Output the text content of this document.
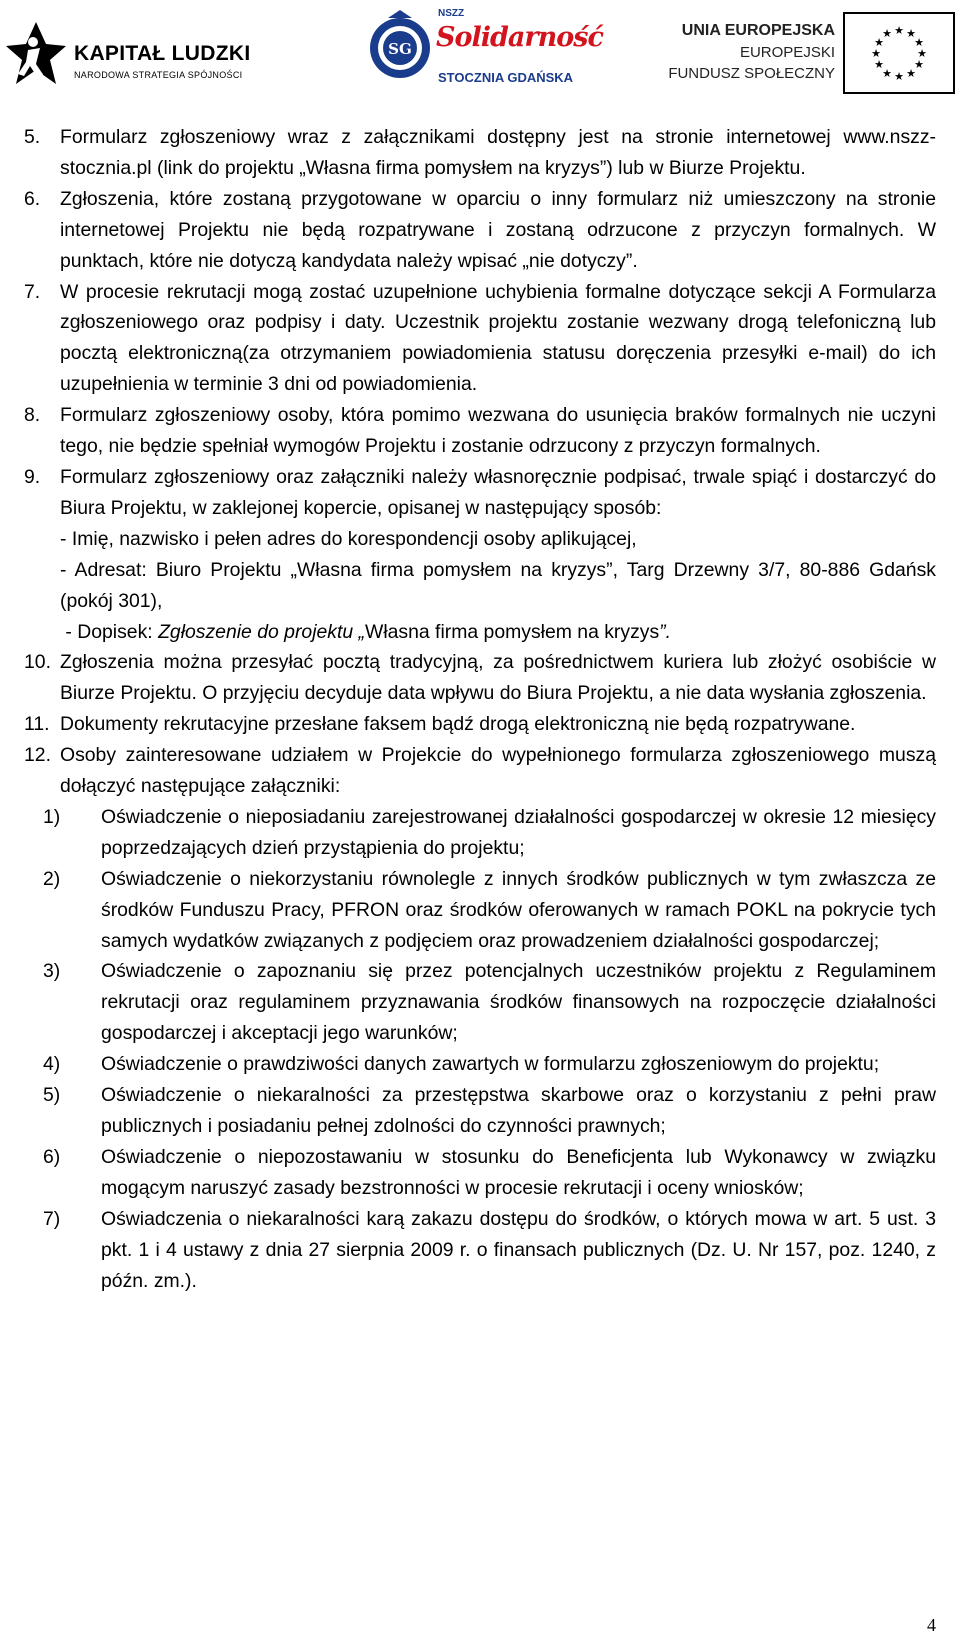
KAPITAŁ LUDZKI
NARODOWA STRATEGIA SPÓJNOŚCI
SG
NSZZ
Solidarność
STOCZNIA GDAŃSKA
UNIA EUROPEJSKA
EUROPEJSKI
FUNDUSZ SPOŁECZNY
★ ★
★
★
★
★
★
★
★
★
★
★
5.	Formularz zgłoszeniowy wraz z załącznikami dostępny jest na stronie internetowej www.nszz-stocznia.pl (link do projektu „Własna firma pomysłem na kryzys”) lub w Biurze Projektu.
6.	Zgłoszenia, które zostaną przygotowane w oparciu o inny formularz niż umieszczony na stronie internetowej Projektu nie będą rozpatrywane i zostaną odrzucone z przyczyn formalnych. W punktach, które nie dotyczą kandydata należy wpisać „nie dotyczy”.
7.	W procesie rekrutacji mogą zostać uzupełnione uchybienia formalne dotyczące sekcji A Formularza zgłoszeniowego oraz podpisy i daty. Uczestnik projektu zostanie wezwany drogą telefoniczną lub pocztą elektroniczną(za otrzymaniem powiadomienia statusu doręczenia przesyłki e-mail) do ich uzupełnienia w terminie 3 dni od powiadomienia.
8.	Formularz zgłoszeniowy osoby, która pomimo wezwana do usunięcia braków formalnych nie uczyni tego, nie będzie spełniał wymogów Projektu i zostanie odrzucony z przyczyn formalnych.
9.	Formularz zgłoszeniowy oraz załączniki należy własnoręcznie podpisać, trwale spiąć i dostarczyć do Biura Projektu, w zaklejonej kopercie, opisanej w następujący sposób:
- Imię, nazwisko i pełen adres do korespondencji osoby aplikującej,
- Adresat: Biuro Projektu „Własna firma pomysłem na kryzys”, Targ Drzewny 3/7, 80-886 Gdańsk (pokój 301),
- Dopisek: Zgłoszenie do projektu „Własna firma pomysłem na kryzys”.
10. Zgłoszenia można przesyłać pocztą tradycyjną, za pośrednictwem kuriera lub złożyć osobiście w Biurze Projektu. O przyjęciu decyduje data wpływu do Biura Projektu, a nie data wysłania zgłoszenia.
11. Dokumenty rekrutacyjne przesłane faksem bądź drogą elektroniczną nie będą rozpatrywane.
12. Osoby zainteresowane udziałem w Projekcie do wypełnionego formularza zgłoszeniowego muszą dołączyć następujące załączniki:
1)	Oświadczenie o nieposiadaniu zarejestrowanej działalności gospodarczej w okresie 12 miesięcy poprzedzających dzień przystąpienia do projektu;
2)	Oświadczenie o niekorzystaniu równolegle z innych środków publicznych w tym zwłaszcza ze środków Funduszu Pracy, PFRON oraz środków oferowanych w ramach POKL na pokrycie tych samych wydatków związanych z podjęciem oraz prowadzeniem działalności gospodarczej;
3)	Oświadczenie o zapoznaniu się przez potencjalnych uczestników projektu z Regulaminem rekrutacji oraz regulaminem przyznawania środków finansowych na rozpoczęcie działalności gospodarczej i akceptacji jego warunków;
4)	Oświadczenie o prawdziwości danych zawartych w formularzu zgłoszeniowym do projektu;
5)	Oświadczenie o niekaralności za przestępstwa skarbowe oraz o korzystaniu z pełni praw publicznych i posiadaniu pełnej zdolności do czynności prawnych;
6)	Oświadczenie o niepozostawaniu w stosunku do Beneficjenta lub Wykonawcy w związku mogącym naruszyć zasady bezstronności w procesie rekrutacji i oceny wniosków;
7)	Oświadczenia o niekaralności karą zakazu dostępu do środków, o których mowa w art. 5 ust. 3 pkt. 1 i 4 ustawy z dnia 27 sierpnia 2009 r. o finansach publicznych (Dz. U. Nr 157, poz. 1240, z późn. zm.).
4
